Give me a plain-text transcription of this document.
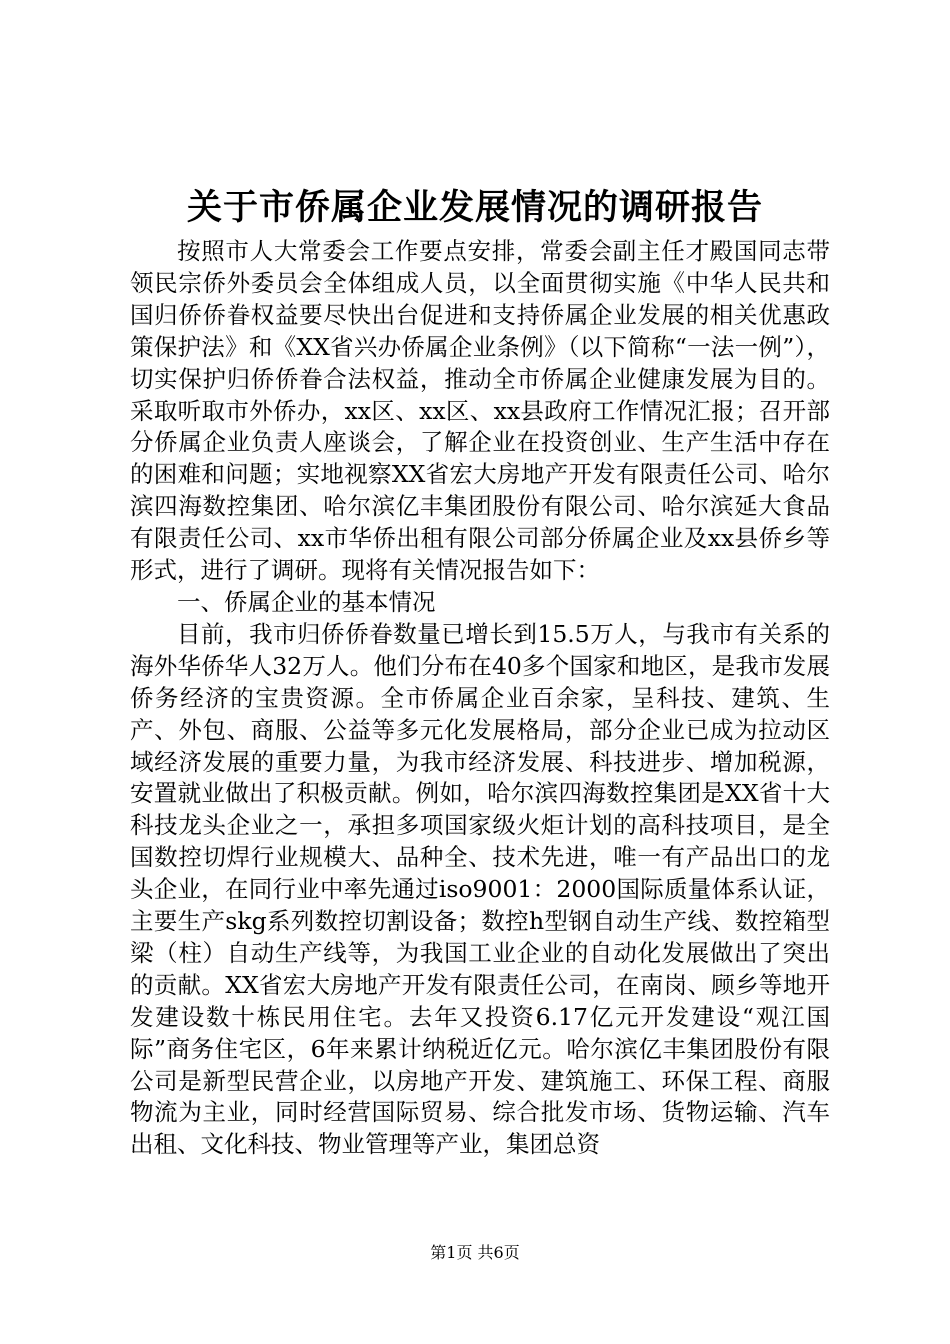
关于市侨属企业发展情况的调研报告

按照市人大常委会工作要点安排，常委会副主任才殿国同志带领民宗侨外委员会全体组成人员，以全面贯彻实施《中华人民共和国归侨侨眷权益要尽快出台促进和支持侨属企业发展的相关优惠政策保护法》和《XX省兴办侨属企业条例》（以下简称“一法一例”），切实保护归侨侨眷合法权益，推动全市侨属企业健康发展为目的。采取听取市外侨办，xx区、xx区、xx县政府工作情况汇报；召开部分侨属企业负责人座谈会，了解企业在投资创业、生产生活中存在的困难和问题；实地视察XX省宏大房地产开发有限责任公司、哈尔滨四海数控集团、哈尔滨亿丰集团股份有限公司、哈尔滨延大食品有限责任公司、xx市华侨出租有限公司部分侨属企业及xx县侨乡等形式，进行了调研。现将有关情况报告如下：

一、侨属企业的基本情况

目前，我市归侨侨眷数量已增长到15.5万人，与我市有关系的海外华侨华人32万人。他们分布在40多个国家和地区，是我市发展侨务经济的宝贵资源。全市侨属企业百余家，呈科技、建筑、生产、外包、商服、公益等多元化发展格局，部分企业已成为拉动区域经济发展的重要力量，为我市经济发展、科技进步、增加税源，安置就业做出了积极贡献。例如，哈尔滨四海数控集团是XX省十大科技龙头企业之一，承担多项国家级火炬计划的高科技项目，是全国数控切焊行业规模大、品种全、技术先进，唯一有产品出口的龙头企业，在同行业中率先通过iso9001：2000国际质量体系认证，主要生产skg系列数控切割设备；数控h型钢自动生产线、数控箱型梁（柱）自动生产线等，为我国工业企业的自动化发展做出了突出的贡献。XX省宏大房地产开发有限责任公司，在南岗、顾乡等地开发建设数十栋民用住宅。去年又投资6.17亿元开发建设“观江国际”商务住宅区，6年来累计纳税近亿元。哈尔滨亿丰集团股份有限公司是新型民营企业，以房地产开发、建筑施工、环保工程、商服物流为主业，同时经营国际贸易、综合批发市场、货物运输、汽车出租、文化科技、物业管理等产业，集团总资

第1页 共6页
